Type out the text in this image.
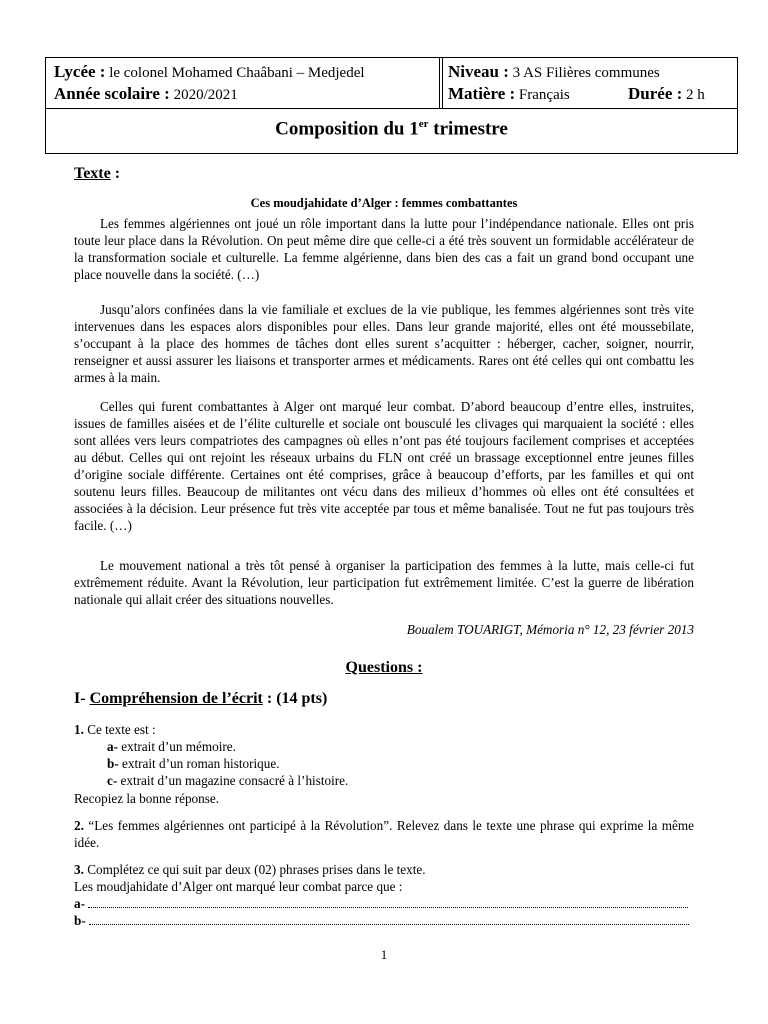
Lycée : le colonel Mohamed Chaâbani – Medjedel
Année scolaire : 2020/2021
Niveau : 3 AS Filières communes
Matière : Français	Durée : 2 h
Composition du 1er trimestre
Texte :
Ces moudjahidate d’Alger : femmes combattantes

Les femmes algériennes ont joué un rôle important dans la lutte pour l’indépendance nationale. Elles ont pris toute leur place dans la Révolution. On peut même dire que celle-ci a été très souvent un formidable accélérateur de la transformation sociale et culturelle. La femme algérienne, dans bien des cas a fait un grand bond occupant une place nouvelle dans la société. (…)

Jusqu’alors confinées dans la vie familiale et exclues de la vie publique, les femmes algériennes sont très vite intervenues dans les espaces alors disponibles pour elles. Dans leur grande majorité, elles ont été moussebilate, s’occupant à la place des hommes de tâches dont elles surent s’acquitter : héberger, cacher, soigner, nourrir, renseigner et aussi assurer les liaisons et transporter armes et médicaments. Rares ont été celles qui ont combattu les armes à la main.

Celles qui furent combattantes à Alger ont marqué leur combat. D’abord beaucoup d’entre elles, instruites, issues de familles aisées et de l’élite culturelle et sociale ont bousculé les clivages qui marquaient la société : elles sont allées vers leurs compatriotes des campagnes où elles n’ont pas été toujours facilement comprises et acceptées au début. Celles qui ont rejoint les réseaux urbains du FLN ont créé un brassage exceptionnel entre jeunes filles d’origine sociale différente. Certaines ont été comprises, grâce à beaucoup d’efforts, par les familles et qui ont soutenu leurs filles. Beaucoup de militantes ont vécu dans des milieux d’hommes où elles ont été consultées et associées à la décision. Leur présence fut très vite acceptée par tous et même banalisée. Tout ne fut pas toujours très facile. (…)

Le mouvement national a très tôt pensé à organiser la participation des femmes à la lutte, mais celle-ci fut extrêmement réduite. Avant la Révolution, leur participation fut extrêmement limitée. C’est la guerre de libération nationale qui allait créer des situations nouvelles.

Boualem TOUARIGT, Mémoria n° 12, 23 février 2013
Questions :
I- Compréhension de l’écrit : (14 pts)
1. Ce texte est :
a- extrait d’un mémoire.
b- extrait d’un roman historique.
c- extrait d’un magazine consacré à l’histoire.
Recopiez la bonne réponse.
2. “Les femmes algériennes ont participé à la Révolution”. Relevez dans le texte une phrase qui exprime la même idée.
3. Complétez ce qui suit par deux (02) phrases prises dans le texte.
Les moudjahidate d’Alger ont marqué leur combat parce que :
a-
b-
1
